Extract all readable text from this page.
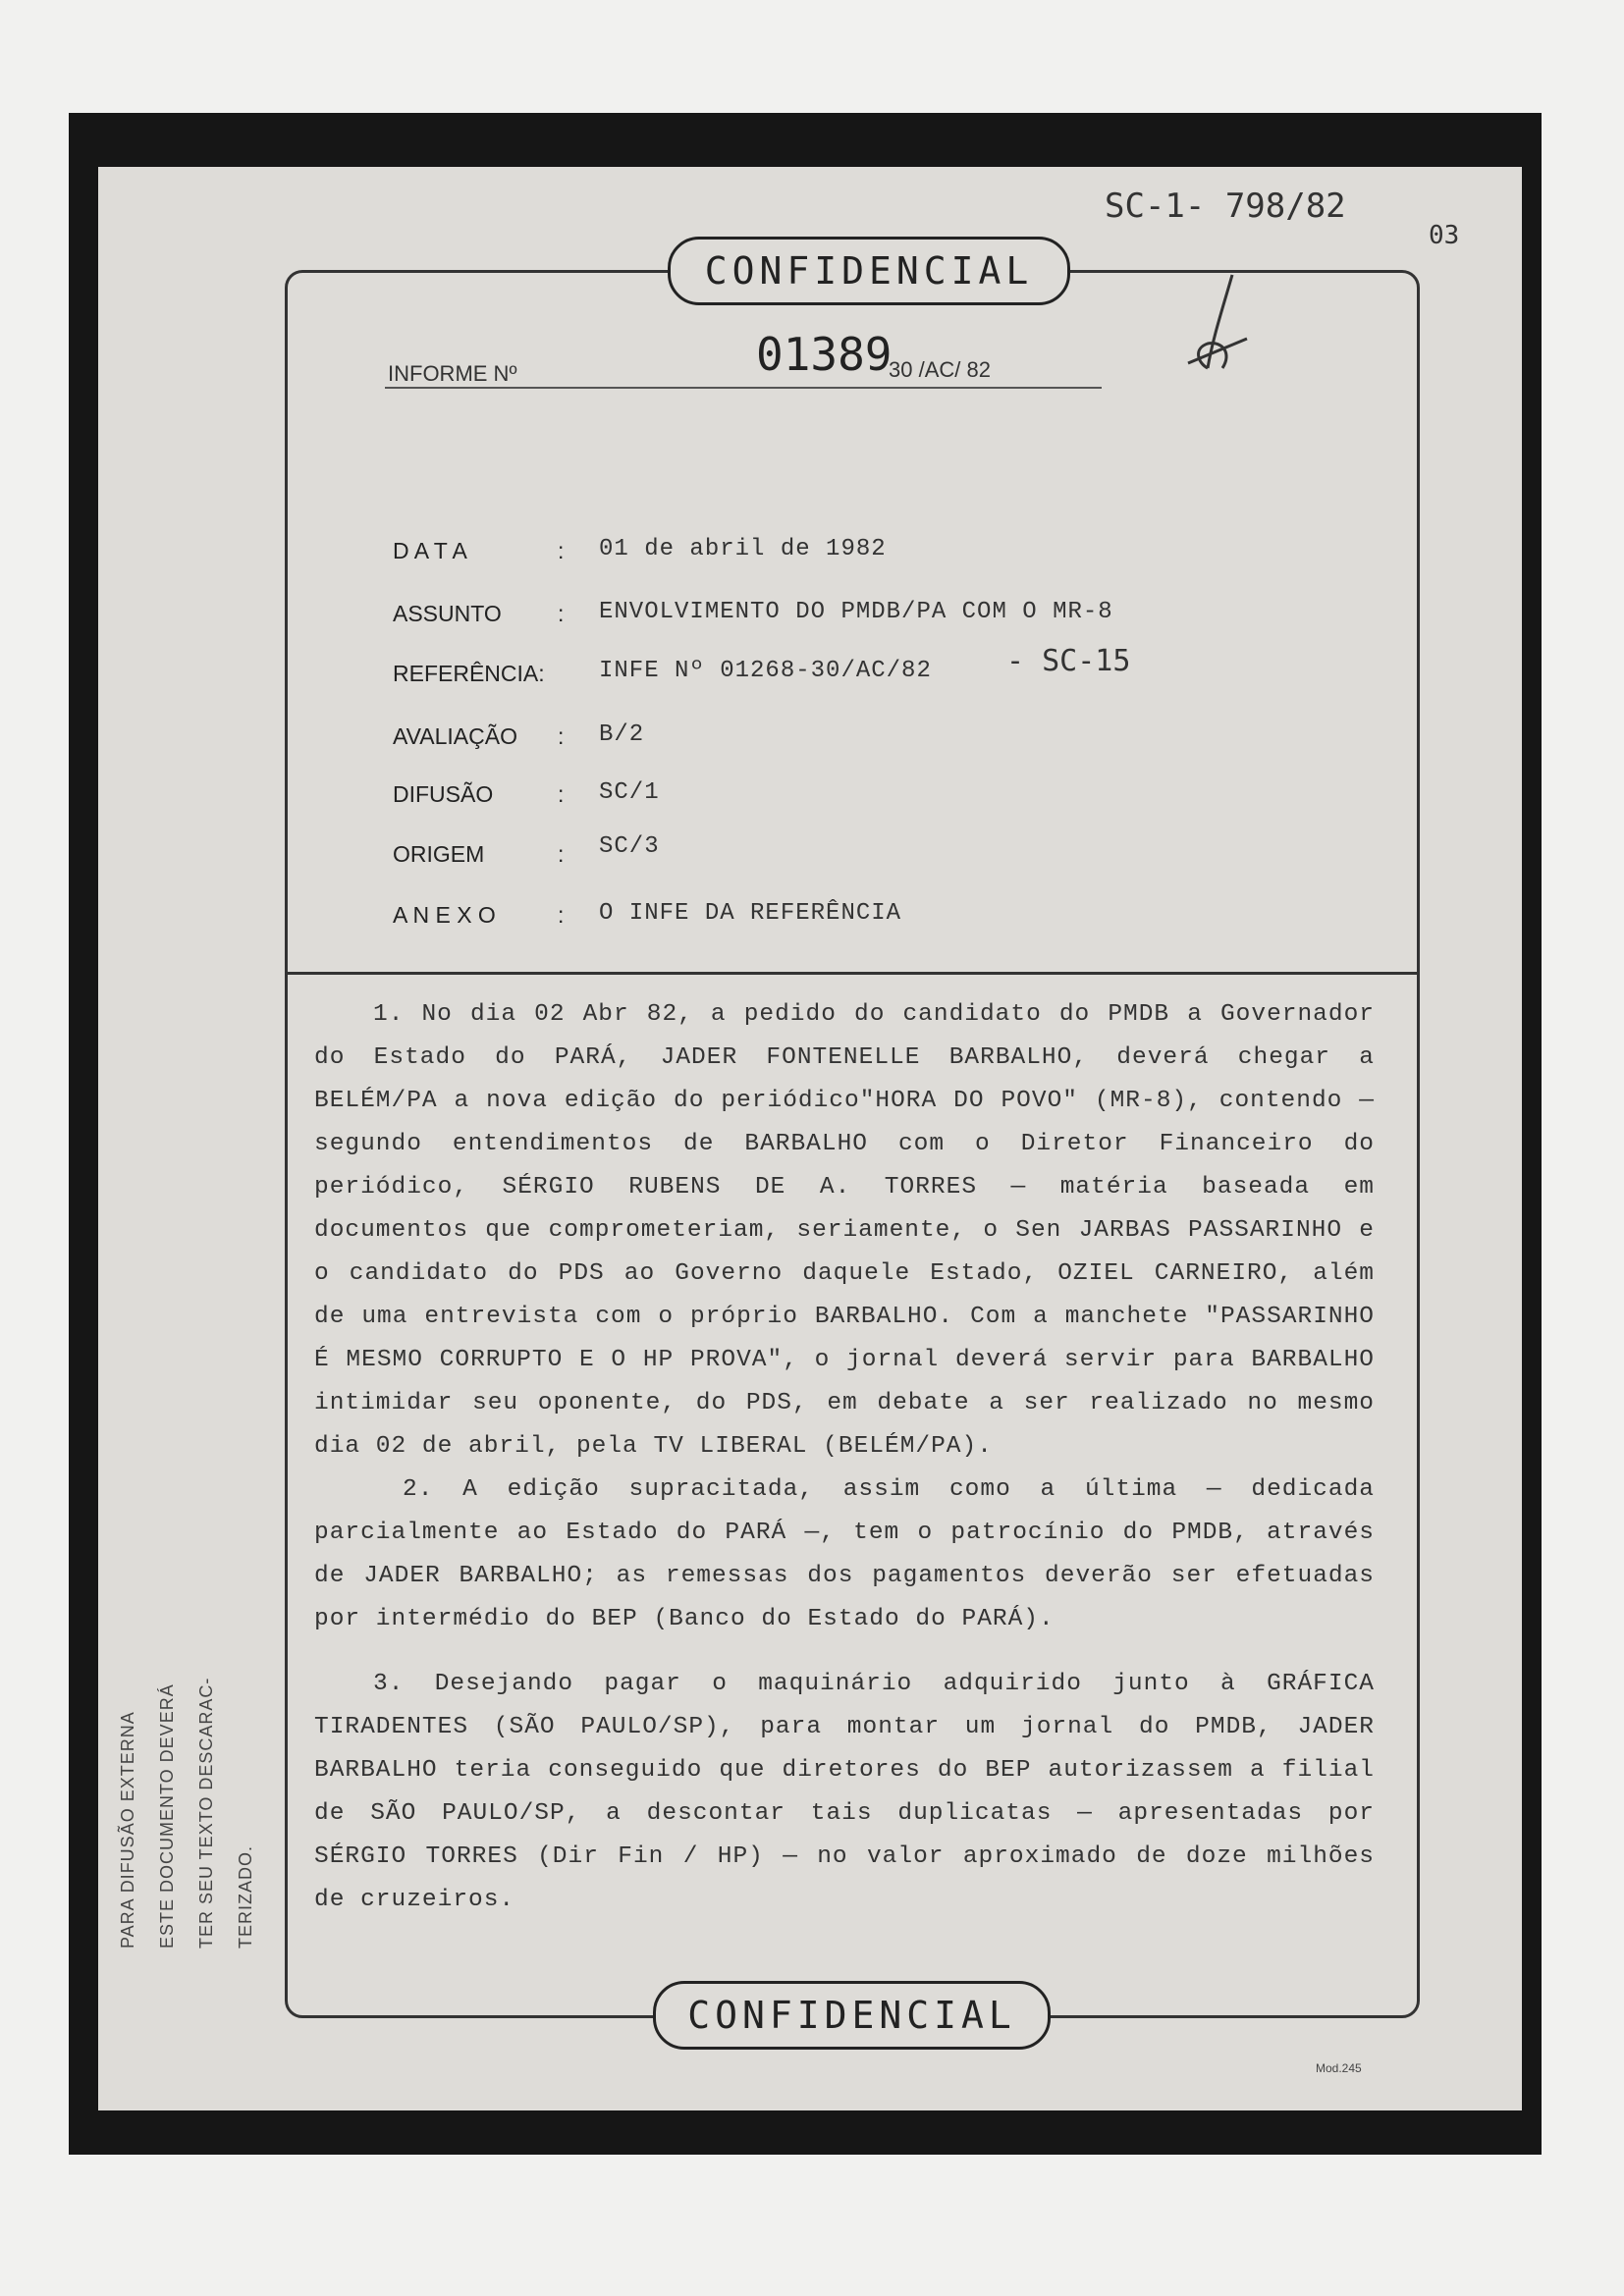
CONFIDENCIAL
CONFIDENCIAL
SC-1- 798/82
03
INFORME Nº	01389
30 /AC/ 82
D A T A	: 01 de abril de 1982
ASSUNTO : ENVOLVIMENTO DO PMDB/PA COM O MR-8
REFERÊNCIA: INFE Nº 01268-30/AC/82	- SC-15
AVALIAÇÃO : B/2
DIFUSÃO	: SC/1
ORIGEM	: SC/3
A N E X O	: O INFE DA REFERÊNCIA

1. No dia 02 Abr 82, a pedido do candidato do PMDB a Governador do Estado do PARÁ, JADER FONTENELLE BARBALHO, deverá chegar a BELÉM/PA a nova edição do periódico"HORA DO POVO" (MR-8), contendo — segundo entendimentos de BARBALHO com o Diretor Financeiro do periódico, SÉRGIO RUBENS DE A. TORRES — matéria baseada em documentos que comprometeriam, seriamente, o Sen JARBAS PASSARINHO e o candidato do PDS ao Governo daquele Estado, OZIEL CARNEIRO, além de uma entrevista com o próprio BARBALHO. Com a manchete "PASSARINHO É MESMO CORRUPTO E O HP PROVA", o jornal deverá servir para BARBALHO intimidar seu oponente, do PDS, em debate a ser realizado no mesmo dia 02 de abril, pela TV LIBERAL (BELÉM/PA).

2. A edição supracitada, assim como a última — dedicada parcialmente ao Estado do PARÁ —, tem o patrocínio do PMDB, através de JADER BARBALHO; as remessas dos pagamentos deverão ser efetuadas por intermédio do BEP (Banco do Estado do PARÁ).

3. Desejando pagar o maquinário adquirido junto à GRÁFICA TIRADENTES (SÃO PAULO/SP), para montar um jornal do PMDB, JADER BARBALHO teria conseguido que diretores do BEP autorizassem a filial de SÃO PAULO/SP, a descontar tais duplicatas — apresentadas por SÉRGIO TORRES (Dir Fin / HP) — no valor aproximado de doze milhões de cruzeiros.

PARA DIFUSÃO EXTERNA ESTE DOCUMENTO DEVERÁ TER SEU TEXTO DESCARAC- TERIZADO.
Mod.245
